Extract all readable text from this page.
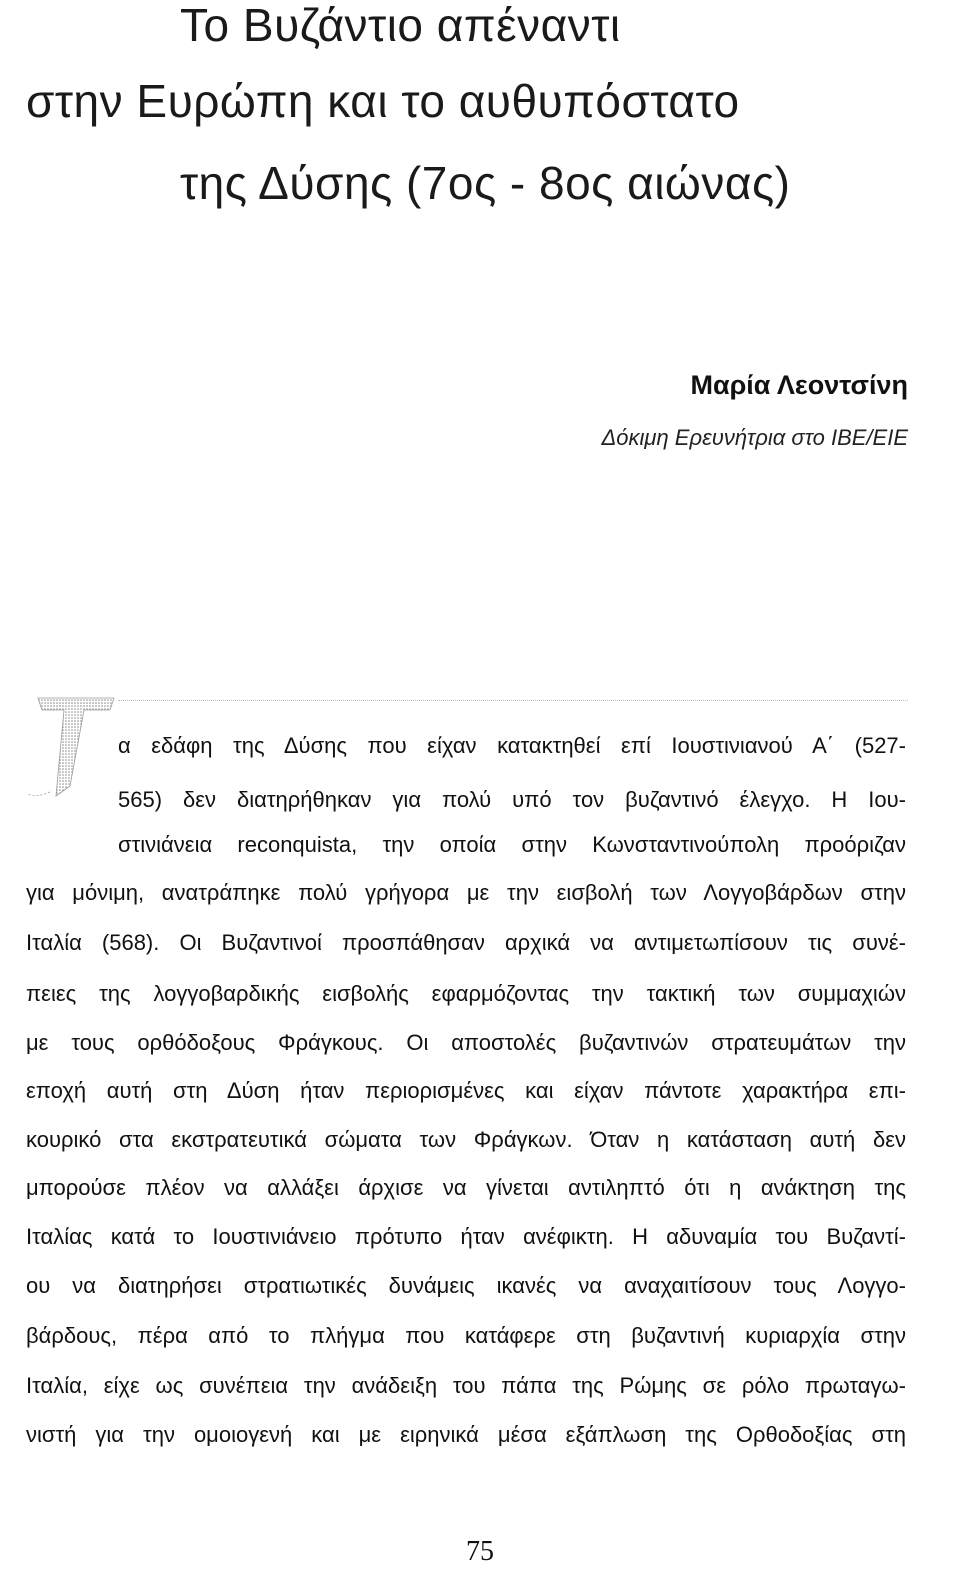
Το Βυζάντιο απέναντι
στην Ευρώπη και το αυθυπόστατο
της Δύσης (7ος - 8ος αιώνας)
Μαρία Λεοντσίνη
Δόκιμη Ερευνήτρια στο ΙΒΕ/ΕΙΕ
α εδάφη της Δύσης που είχαν κατακτηθεί επί Ιουστινιανού Α΄ (527-
565) δεν διατηρήθηκαν για πολύ υπό τον βυζαντινό έλεγχο. Η Ιου-
στινιάνεια reconquista, την οποία στην Κωνσταντινούπολη προόριζαν
για μόνιμη, ανατράπηκε πολύ γρήγορα με την εισβολή των Λογγοβάρδων στην
Ιταλία (568). Οι Βυζαντινοί προσπάθησαν αρχικά να αντιμετωπίσουν τις συνέ-
πειες της λογγοβαρδικής εισβολής εφαρμόζοντας την τακτική των συμμαχιών
με τους ορθόδοξους Φράγκους. Οι αποστολές βυζαντινών στρατευμάτων την
εποχή αυτή στη Δύση ήταν περιορισμένες και είχαν πάντοτε χαρακτήρα επι-
κουρικό στα εκστρατευτικά σώματα των Φράγκων. Όταν η κατάσταση αυτή δεν
μπορούσε πλέον να αλλάξει άρχισε να γίνεται αντιληπτό ότι η ανάκτηση της
Ιταλίας κατά το Ιουστινιάνειο πρότυπο ήταν ανέφικτη. Η αδυναμία του Βυζαντί-
ου να διατηρήσει στρατιωτικές δυνάμεις ικανές να αναχαιτίσουν τους Λογγο-
βάρδους, πέρα από το πλήγμα που κατάφερε στη βυζαντινή κυριαρχία στην
Ιταλία, είχε ως συνέπεια την ανάδειξη του πάπα της Ρώμης σε ρόλο πρωταγω-
νιστή για την ομοιογενή και με ειρηνικά μέσα εξάπλωση της Ορθοδοξίας στη
75
